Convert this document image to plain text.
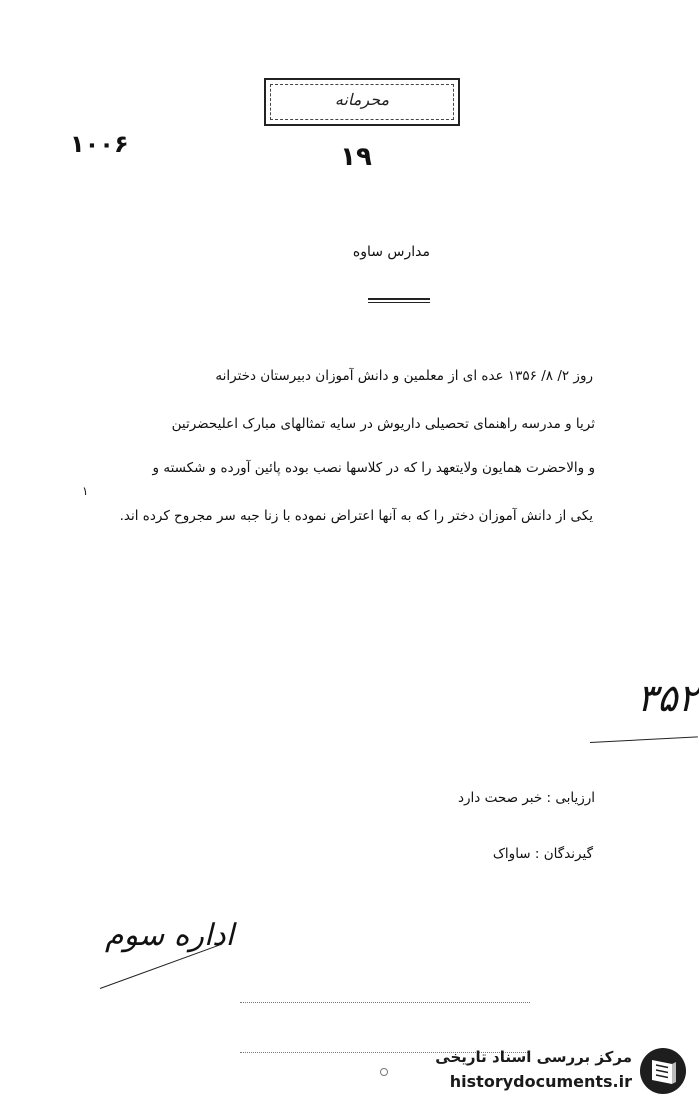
محرمانه
۱۰۰۶	۱۹
مدارس ساوه
روز ۲/ ۸/ ۱۳۵۶ عده ای از معلمین و دانش آموزان دبیرستان دخترانه
ثریا و مدرسه راهنمای تحصیلی داریوش در سایه تمثالهای مبارک اعلیحضرتین
و والاحضرت همایون ولایتعهد را که در کلاسها نصب بوده پائین آورده و شکسته و
یکی از دانش آموزان دختر را که به آنها اعتراض نموده با زنا جبه سر مجروح کرده اند.
۱
۳۵۲
ارزیابی : خبر صحت دارد
گیرندگان : ساواک
اداره سوم
مرکز بررسی اسناد تاریخی
historydocuments.ir
